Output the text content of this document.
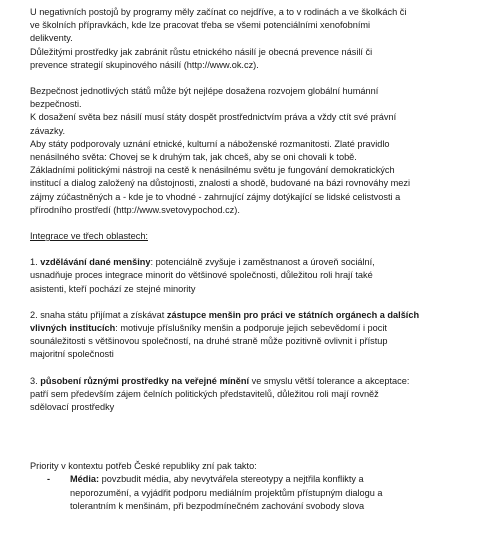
U negativních postojů by programy měly začínat co nejdříve, a to v rodinách a ve školkách či

ve školních přípravkách, kde lze pracovat třeba se všemi potenciálními xenofobními

delikventy.

Důležitými prostředky jak zabránit růstu etnického násilí je obecná prevence násilí či

prevence strategií skupinového násilí (http://www.ok.cz).

Bezpečnost jednotlivých států může být nejlépe dosažena rozvojem globální humánní

bezpečnosti.

K dosažení světa bez násilí musí státy dospět prostřednictvím práva a vždy ctít své právní

závazky.

Aby státy podporovaly uznání etnické, kulturní a náboženské rozmanitosti. Zlaté pravidlo

nenásilného světa: Chovej se k druhým tak, jak chceš, aby se oni chovali k tobě.

Základními politickými nástroji na cestě k nenásilnému světu je fungování demokratických

institucí a dialog založený na důstojnosti, znalosti a shodě, budované na bázi rovnováhy mezi

zájmy zúčastněných a - kde je to vhodné - zahrnující zájmy dotýkající se lidské celistvosti a

přírodního prostředí (http://www.svetovypochod.cz).

Integrace ve třech oblastech:

1. vzdělávání dané menšiny: potenciálně zvyšuje i zaměstnanost a úroveň sociální,

usnadňuje proces integrace minorit do většinové společnosti, důležitou roli hrají také

asistenti, kteří pochází ze stejné minority

2. snaha státu přijímat a získávat zástupce menšin pro práci ve státních orgánech a dalších

vlivných institucích: motivuje příslušníky menšin a podporuje jejich sebevědomí i pocit

sounáležitosti s většinovou společností, na druhé straně může pozitivně ovlivnit i přístup

majoritní společnosti

3. působení různými prostředky na veřejné mínění ve smyslu větší tolerance a akceptace:

patří sem především zájem čelních politických představitelů, důležitou roli mají rovněž

sdělovací prostředky

Priority v kontextu potřeb České republiky zní pak takto:

- Média: povzbudit média, aby nevytvářela stereotypy a nejtřila konflikty a

neporozumění, a vyjádřit podporu mediálním projektům přístupným dialogu a

tolerantním k menšinám, při bezpodmínečném zachování svobody slova
